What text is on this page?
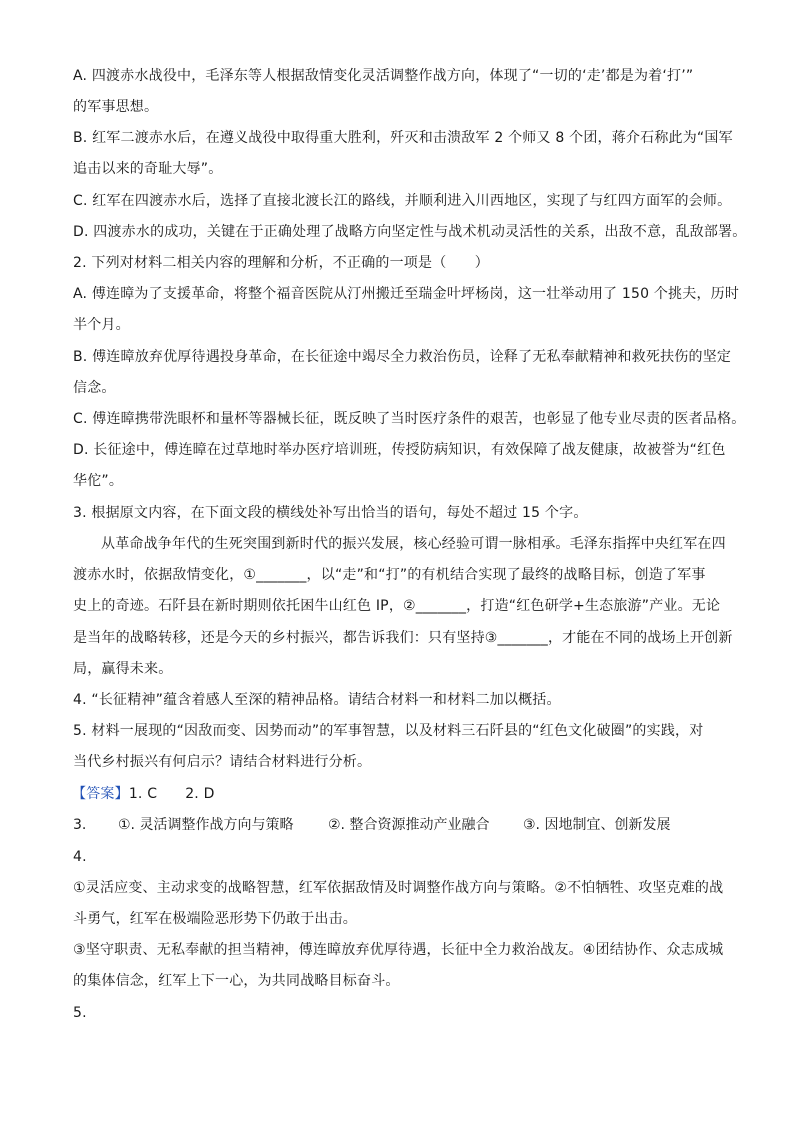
A. 四渡赤水战役中，毛泽东等人根据敌情变化灵活调整作战方向，体现了“一切的‘走’都是为着‘打’”
的军事思想。
B. 红军二渡赤水后，在遵义战役中取得重大胜利，歼灭和击溃敌军 2 个师又 8 个团，蒋介石称此为“国军
追击以来的奇耻大辱”。
C. 红军在四渡赤水后，选择了直接北渡长江的路线，并顺利进入川西地区，实现了与红四方面军的会师。
D. 四渡赤水的成功，关键在于正确处理了战略方向坚定性与战术机动灵活性的关系，出敌不意，乱敌部署。
2. 下列对材料二相关内容的理解和分析，不正确的一项是（　　）
A. 傅连暲为了支援革命，将整个福音医院从汀州搬迁至瑞金叶坪杨岗，这一壮举动用了 150 个挑夫，历时
半个月。
B. 傅连暲放弃优厚待遇投身革命，在长征途中竭尽全力救治伤员，诠释了无私奉献精神和救死扶伤的坚定
信念。
C. 傅连暲携带洗眼杯和量杯等器械长征，既反映了当时医疗条件的艰苦，也彰显了他专业尽责的医者品格。
D. 长征途中，傅连暲在过草地时举办医疗培训班，传授防病知识，有效保障了战友健康，故被誉为“红色
华佗”。
3. 根据原文内容，在下面文段的横线处补写出恰当的语句，每处不超过 15 个字。
从革命战争年代的生死突围到新时代的振兴发展，核心经验可谓一脉相承。毛泽东指挥中央红军在四
渡赤水时，依据敌情变化，①_______，以“走”和“打”的有机结合实现了最终的战略目标，创造了军事
史上的奇迹。石阡县在新时期则依托困牛山红色 IP，②_______，打造“红色研学+生态旅游”产业。无论
是当年的战略转移，还是今天的乡村振兴，都告诉我们：只有坚持③_______，才能在不同的战场上开创新
局，赢得未来。
4. “长征精神”蕴含着感人至深的精神品格。请结合材料一和材料二加以概括。
5. 材料一展现的“因敌而变、因势而动”的军事智慧，以及材料三石阡县的“红色文化破圈”的实践，对
当代乡村振兴有何启示？请结合材料进行分析。
【答案】1. C 2. D
3. ①. 灵活调整作战方向与策略 ②. 整合资源推动产业融合 ③. 因地制宜、创新发展
4.
①灵活应变、主动求变的战略智慧，红军依据敌情及时调整作战方向与策略。②不怕牺牲、攻坚克难的战
斗勇气，红军在极端险恶形势下仍敢于出击。
③坚守职责、无私奉献的担当精神，傅连暲放弃优厚待遇，长征中全力救治战友。④团结协作、众志成城
的集体信念，红军上下一心，为共同战略目标奋斗。
5.
